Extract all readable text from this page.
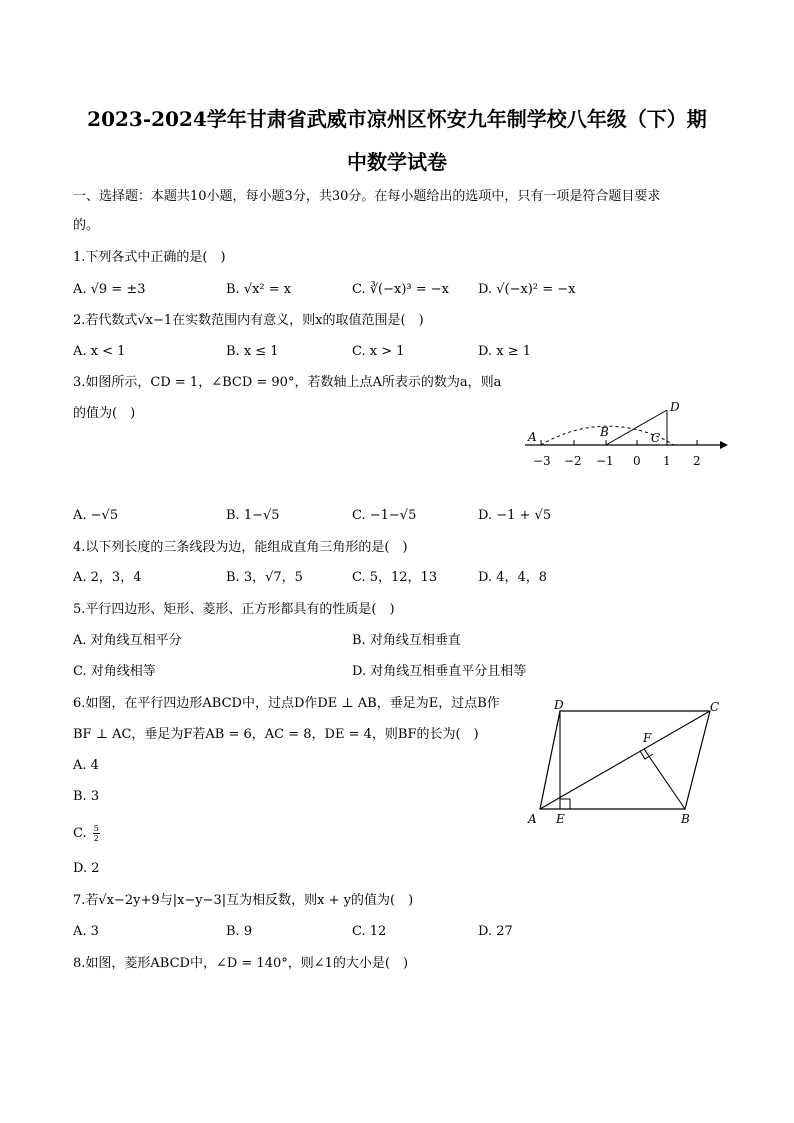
2023-2024学年甘肃省武威市凉州区怀安九年制学校八年级（下）期
中数学试卷
一、选择题：本题共10小题，每小题3分，共30分。在每小题给出的选项中，只有一项是符合题目要求
的。
1.下列各式中正确的是(　)
A. √9 = ±3	B. √x² = x	C. ∛(−x)³ = −x D. √(−x)² = −x
2.若代数式√x−1在实数范围内有意义，则x的取值范围是(　)
A. x < 1	B. x ≤ 1	C. x > 1	D. x ≥ 1
3.如图所示，CD = 1，∠BCD = 90°，若数轴上点A所表示的数为a，则a
的值为(　)
A	B	C
D
−3 −2 −1 0 1 2
A. −√5	B. 1−√5	C. −1−√5	D. −1 + √5
4.以下列长度的三条线段为边，能组成直角三角形的是(　)
A. 2，3，4	B. 3，√7，5	C. 5，12，13	D. 4，4，8
5.平行四边形、矩形、菱形、正方形都具有的性质是(　)
A. 对角线互相平分	B. 对角线互相垂直
C. 对角线相等	D. 对角线互相垂直平分且相等
6.如图，在平行四边形ABCD中，过点D作DE ⊥ AB，垂足为E，过点B作
BF ⊥ AC，垂足为F若AB = 6，AC = 8，DE = 4，则BF的长为(　)
A. 4
B. 3
C. $\frac{5}{2}$
D. 2
A	B
C
D
E
F
7.若√x−2y+9与|x−y−3|互为相反数，则x + y的值为(　)
A. 3	B. 9	C. 12	D. 27
8.如图，菱形ABCD中，∠D = 140°，则∠1的大小是(　)
